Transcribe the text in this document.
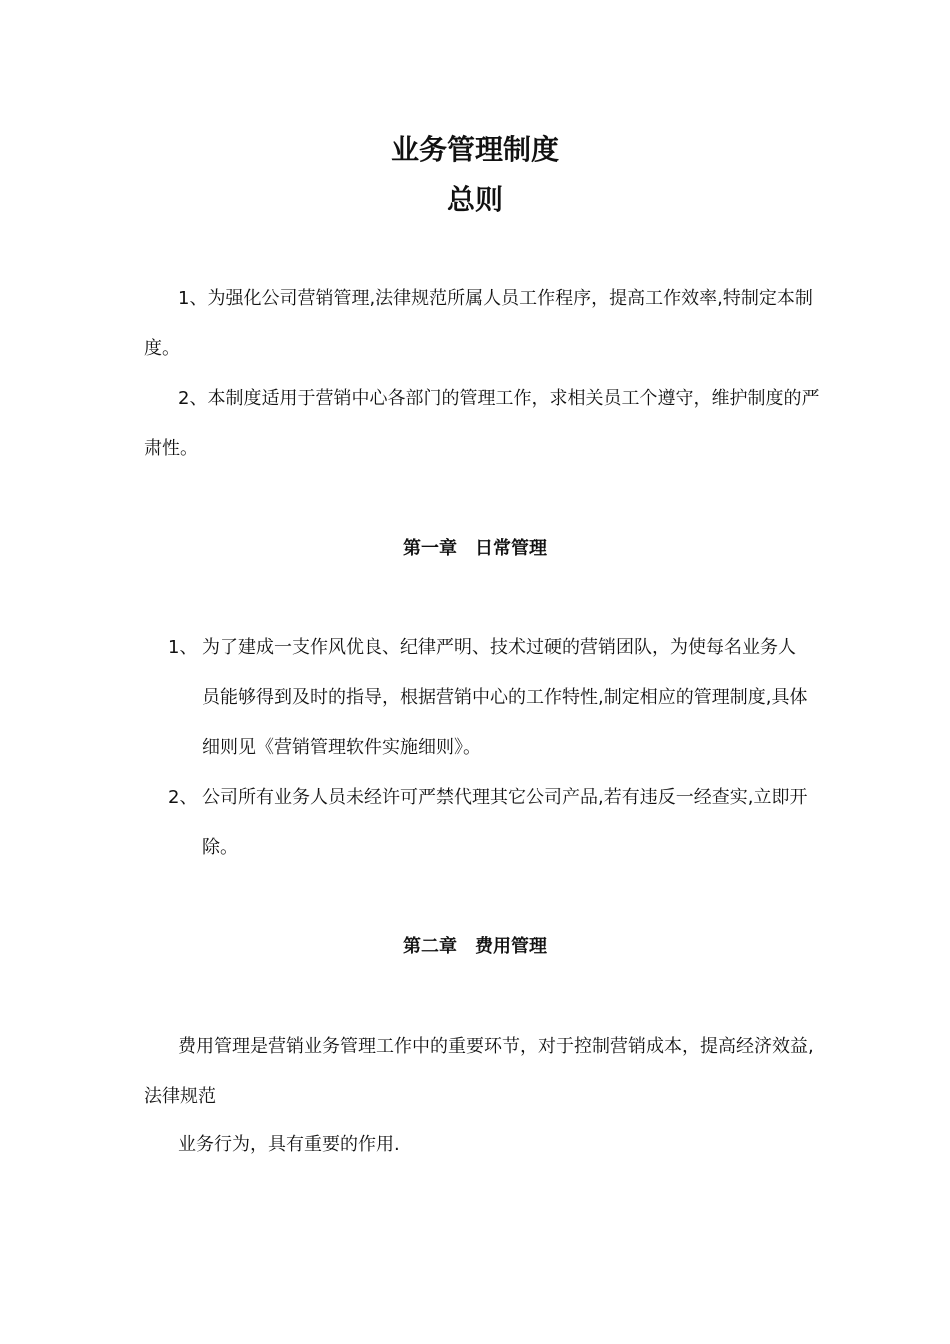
业务管理制度
总则

1、为强化公司营销管理,法律规范所属人员工作程序，提高工作效率,特制定本制度。

2、本制度适用于营销中心各部门的管理工作，求相关员工个遵守，维护制度的严肃性。

第一章 日常管理
1、 为了建成一支作风优良、纪律严明、技术过硬的营销团队，为使每名业务人员能够得到及时的指导，根据营销中心的工作特性,制定相应的管理制度,具体细则见《营销管理软件实施细则》。
2、 公司所有业务人员未经许可严禁代理其它公司产品,若有违反一经查实,立即开除。
第二章 费用管理

费用管理是营销业务管理工作中的重要环节，对于控制营销成本，提高经济效益,法律规范

业务行为，具有重要的作用.
